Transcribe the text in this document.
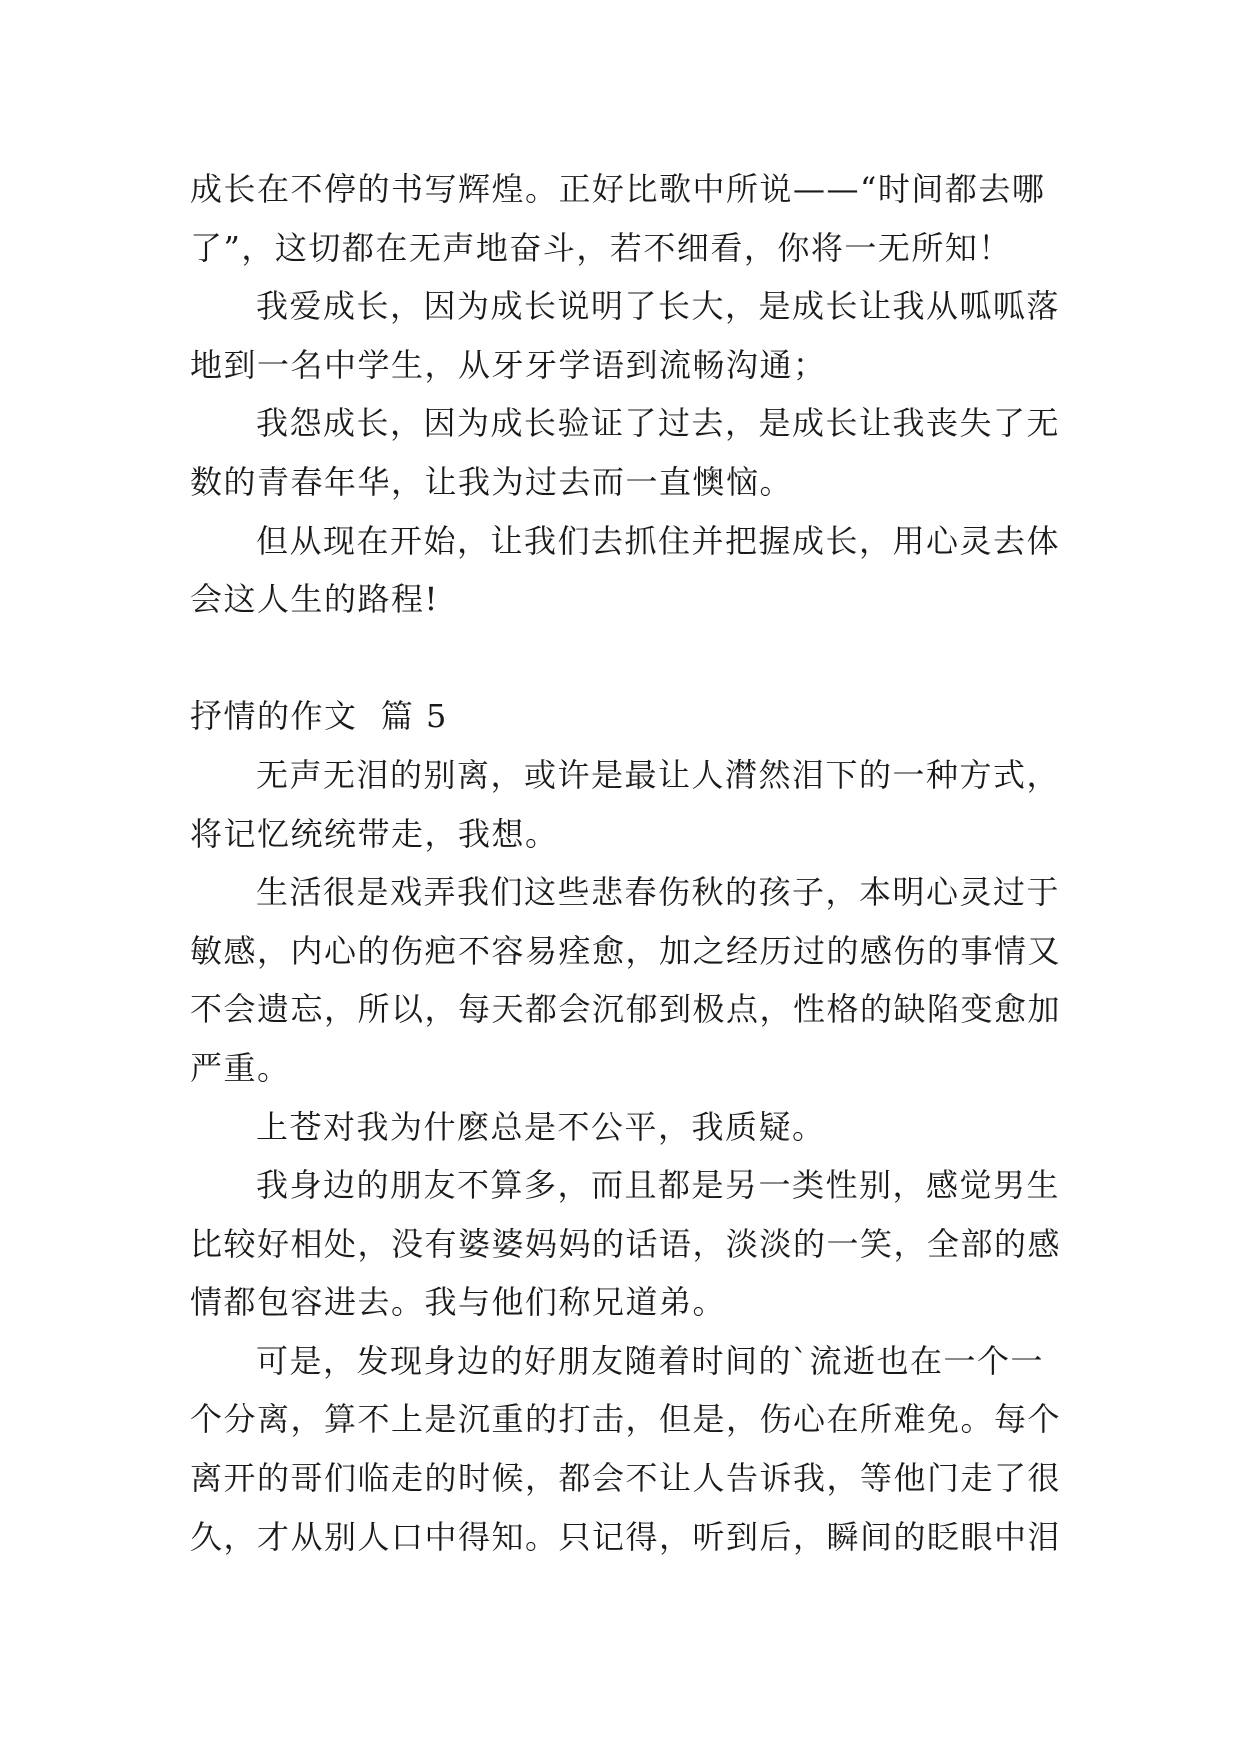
成长在不停的书写辉煌。正好比歌中所说——“时间都去哪
了”，这切都在无声地奋斗，若不细看，你将一无所知！
我爱成长，因为成长说明了长大，是成长让我从呱呱落
地到一名中学生，从牙牙学语到流畅沟通；
我怨成长，因为成长验证了过去，是成长让我丧失了无
数的青春年华，让我为过去而一直懊恼。
但从现在开始，让我们去抓住并把握成长，用心灵去体
会这人生的路程!
抒情的作文  篇 5
无声无泪的别离，或许是最让人潸然泪下的一种方式，
将记忆统统带走，我想。
生活很是戏弄我们这些悲春伤秋的孩子，本明心灵过于
敏感，内心的伤疤不容易痊愈，加之经历过的感伤的事情又
不会遗忘，所以，每天都会沉郁到极点，性格的缺陷变愈加
严重。
上苍对我为什麽总是不公平，我质疑。
我身边的朋友不算多，而且都是另一类性别，感觉男生
比较好相处，没有婆婆妈妈的话语，淡淡的一笑，全部的感
情都包容进去。我与他们称兄道弟。
可是，发现身边的好朋友随着时间的`流逝也在一个一
个分离，算不上是沉重的打击，但是，伤心在所难免。每个
离开的哥们临走的时候，都会不让人告诉我，等他门走了很
久，才从别人口中得知。只记得，听到后，瞬间的眨眼中泪
